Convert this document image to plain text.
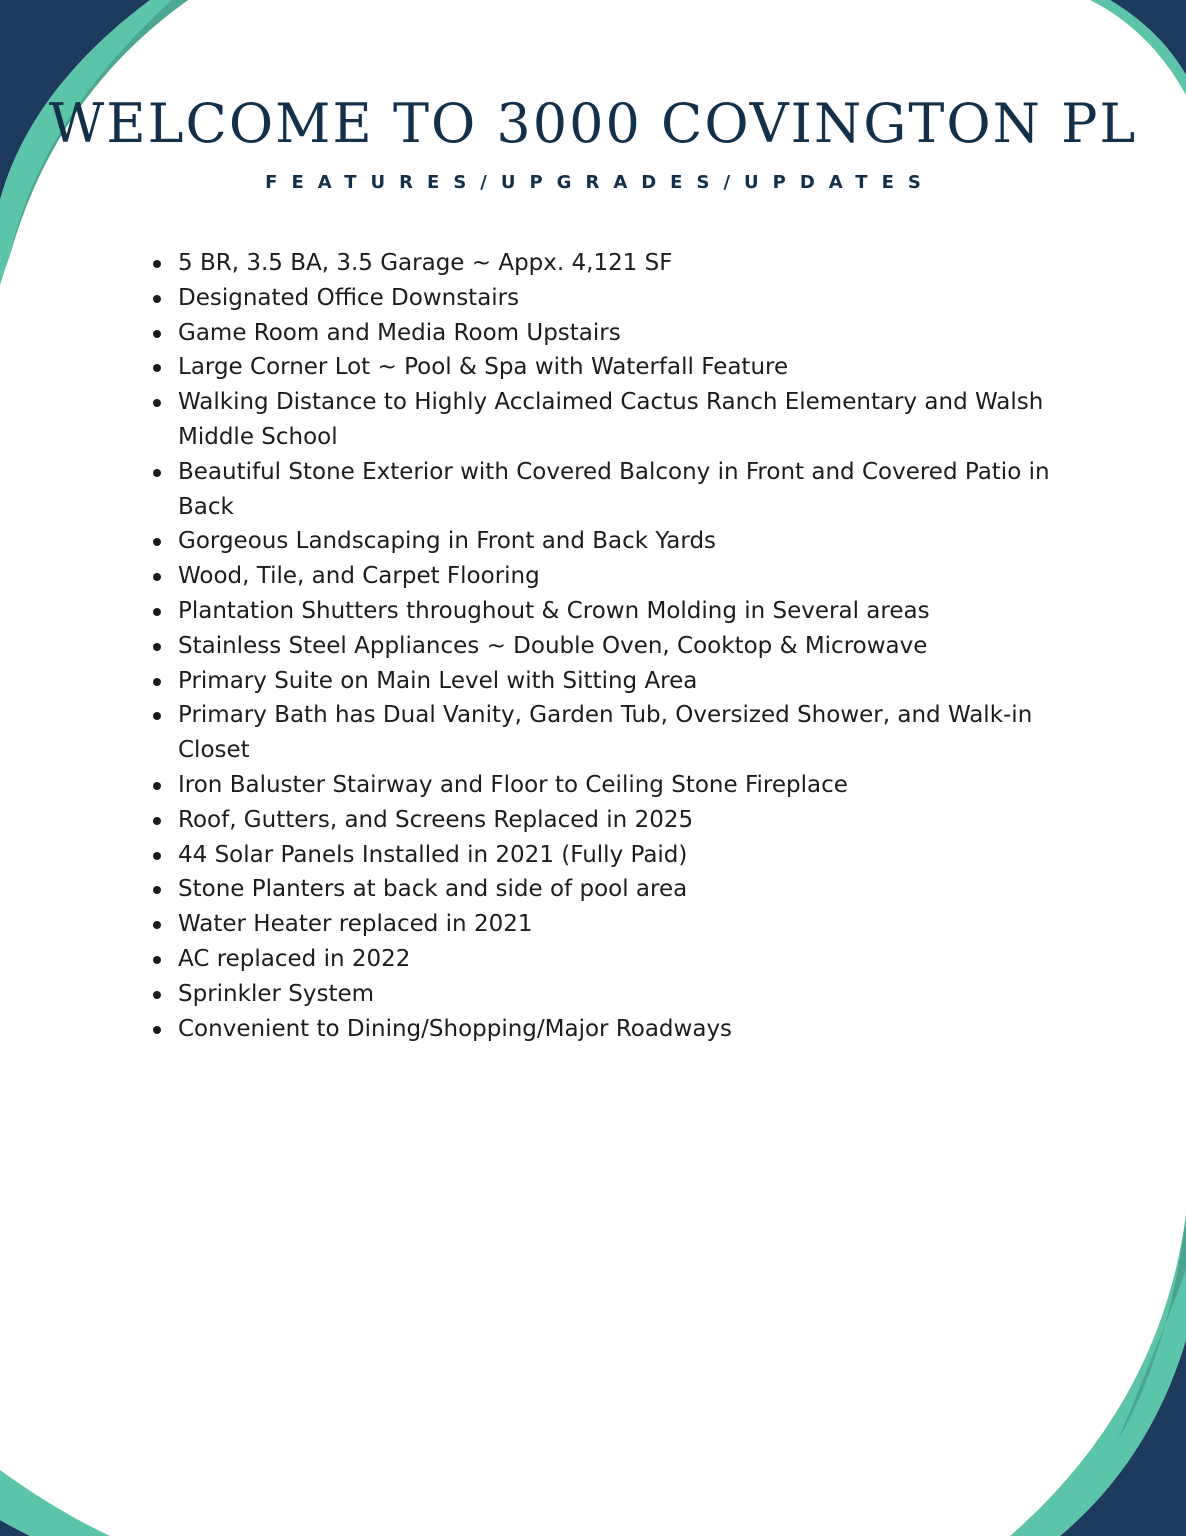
WELCOME TO 3000 COVINGTON PL
FEATURES/UPGRADES/UPDATES
5 BR, 3.5 BA, 3.5 Garage ~ Appx. 4,121 SF
Designated Office Downstairs
Game Room and Media Room Upstairs
Large Corner Lot ~ Pool & Spa with Waterfall Feature
Walking Distance to Highly Acclaimed Cactus Ranch Elementary and Walsh Middle School
Beautiful Stone Exterior with Covered Balcony in Front and Covered Patio in Back
Gorgeous Landscaping in Front and Back Yards
Wood, Tile, and Carpet Flooring
Plantation Shutters throughout & Crown Molding in Several areas
Stainless Steel Appliances ~ Double Oven, Cooktop & Microwave
Primary Suite on Main Level with Sitting Area
Primary Bath has Dual Vanity, Garden Tub, Oversized Shower, and Walk-in Closet
Iron Baluster Stairway and Floor to Ceiling Stone Fireplace
Roof, Gutters, and Screens Replaced in 2025
44 Solar Panels Installed in 2021 (Fully Paid)
Stone Planters at back and side of pool area
Water Heater replaced in 2021
AC replaced in 2022
Sprinkler System
Convenient to Dining/Shopping/Major Roadways
